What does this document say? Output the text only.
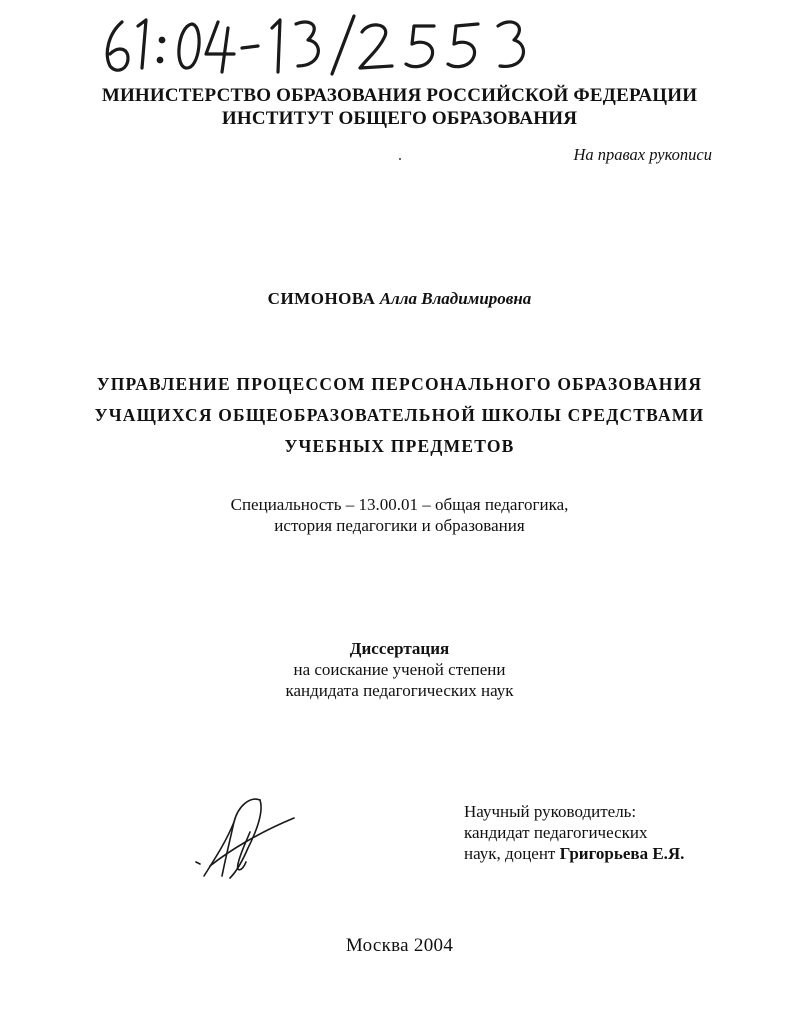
МИНИСТЕРСТВО ОБРАЗОВАНИЯ РОССИЙСКОЙ ФЕДЕРАЦИИ
ИНСТИТУТ ОБЩЕГО ОБРАЗОВАНИЯ
На правах рукописи
СИМОНОВА Алла Владимировна
УПРАВЛЕНИЕ ПРОЦЕССОМ ПЕРСОНАЛЬНОГО ОБРАЗОВАНИЯ
УЧАЩИХСЯ ОБЩЕОБРАЗОВАТЕЛЬНОЙ ШКОЛЫ СРЕДСТВАМИ
УЧЕБНЫХ ПРЕДМЕТОВ
Специальность – 13.00.01 – общая педагогика,
история педагогики и образования
Диссертация
на соискание ученой степени
кандидата педагогических наук
Научный руководитель:
кандидат педагогических
наук, доцент Григорьева Е.Я.
Москва 2004
